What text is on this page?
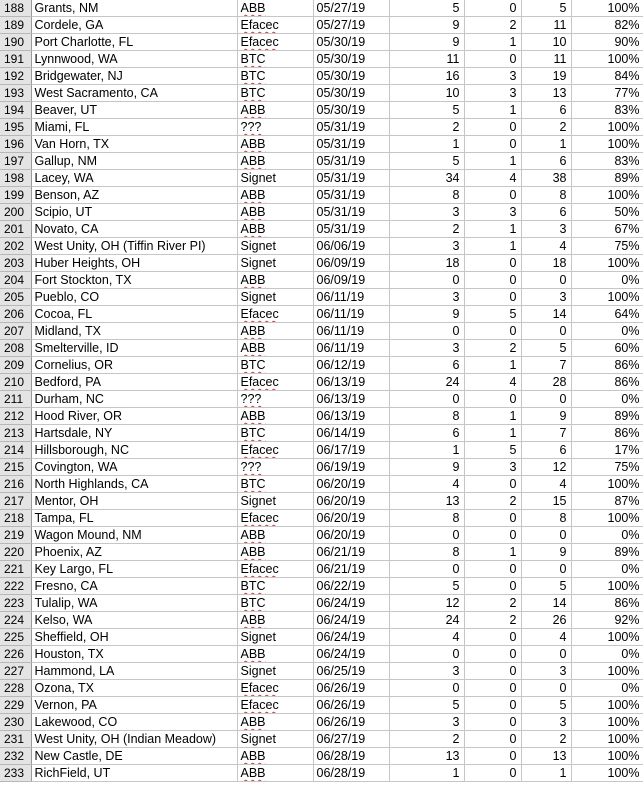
188	Grants, NM	ABB	05/27/19	5	0	5	100%
189	Cordele, GA	Efacec	05/27/19	9	2	11	82%
190	Port Charlotte, FL	Efacec	05/30/19	9	1	10	90%
191	Lynnwood, WA	BTC	05/30/19	11	0	11	100%
192	Bridgewater, NJ	BTC	05/30/19	16	3	19	84%
193	West Sacramento, CA	BTC	05/30/19	10	3	13	77%
194	Beaver, UT	ABB	05/30/19	5	1	6	83%
195	Miami, FL	???	05/31/19	2	0	2	100%
196	Van Horn, TX	ABB	05/31/19	1	0	1	100%
197	Gallup, NM	ABB	05/31/19	5	1	6	83%
198	Lacey, WA	Signet	05/31/19	34	4	38	89%
199	Benson, AZ	ABB	05/31/19	8	0	8	100%
200	Scipio, UT	ABB	05/31/19	3	3	6	50%
201	Novato, CA	ABB	05/31/19	2	1	3	67%
202	West Unity, OH (Tiffin River PI)	Signet	06/06/19	3	1	4	75%
203	Huber Heights, OH	Signet	06/09/19	18	0	18	100%
204	Fort Stockton, TX	ABB	06/09/19	0	0	0	0%
205	Pueblo, CO	Signet	06/11/19	3	0	3	100%
206	Cocoa, FL	Efacec	06/11/19	9	5	14	64%
207	Midland, TX	ABB	06/11/19	0	0	0	0%
208	Smelterville, ID	ABB	06/11/19	3	2	5	60%
209	Cornelius, OR	BTC	06/12/19	6	1	7	86%
210	Bedford, PA	Efacec	06/13/19	24	4	28	86%
211	Durham, NC	???	06/13/19	0	0	0	0%
212	Hood River, OR	ABB	06/13/19	8	1	9	89%
213	Hartsdale, NY	BTC	06/14/19	6	1	7	86%
214	Hillsborough, NC	Efacec	06/17/19	1	5	6	17%
215	Covington, WA	???	06/19/19	9	3	12	75%
216	North Highlands, CA	BTC	06/20/19	4	0	4	100%
217	Mentor, OH	Signet	06/20/19	13	2	15	87%
218	Tampa, FL	Efacec	06/20/19	8	0	8	100%
219	Wagon Mound, NM	ABB	06/20/19	0	0	0	0%
220	Phoenix, AZ	ABB	06/21/19	8	1	9	89%
221	Key Largo, FL	Efacec	06/21/19	0	0	0	0%
222	Fresno, CA	BTC	06/22/19	5	0	5	100%
223	Tulalip, WA	BTC	06/24/19	12	2	14	86%
224	Kelso, WA	ABB	06/24/19	24	2	26	92%
225	Sheffield, OH	Signet	06/24/19	4	0	4	100%
226	Houston, TX	ABB	06/24/19	0	0	0	0%
227	Hammond, LA	Signet	06/25/19	3	0	3	100%
228	Ozona, TX	Efacec	06/26/19	0	0	0	0%
229	Vernon, PA	Efacec	06/26/19	5	0	5	100%
230	Lakewood, CO	ABB	06/26/19	3	0	3	100%
231	West Unity, OH (Indian Meadow)	Signet	06/27/19	2	0	2	100%
232	New Castle, DE	ABB	06/28/19	13	0	13	100%
233	RichField, UT	ABB	06/28/19	1	0	1	100%
